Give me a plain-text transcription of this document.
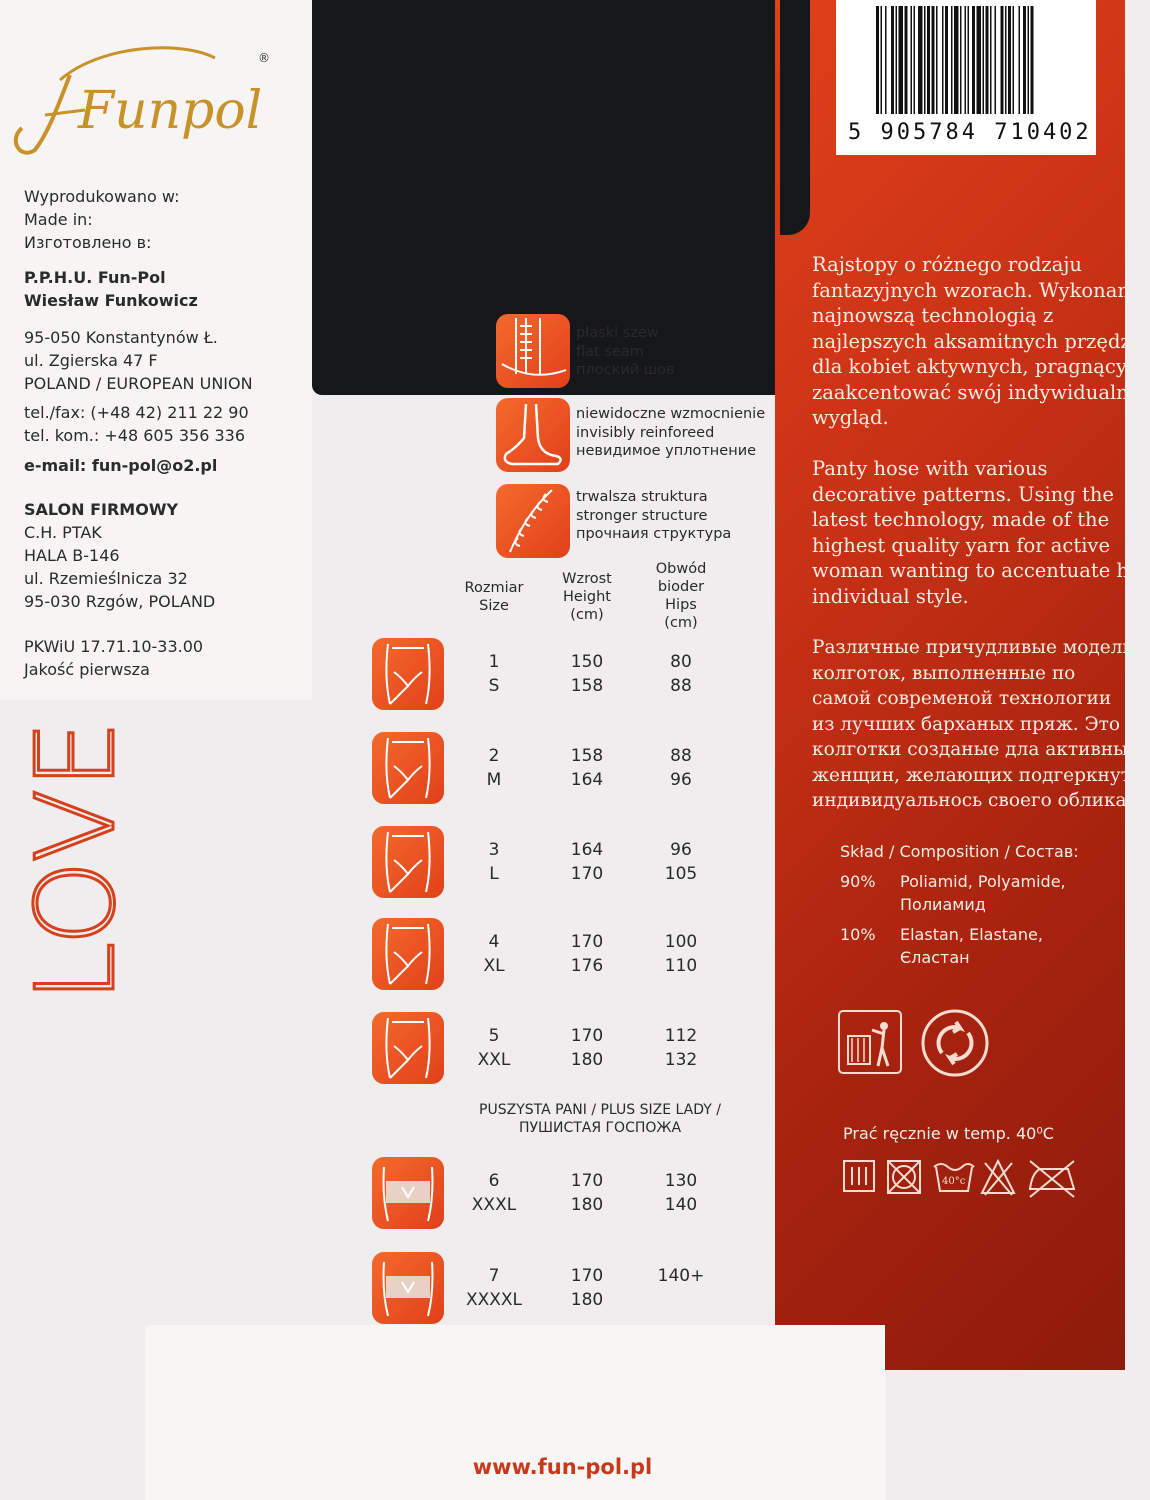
Funpol
®
Wyprodukowano w:
Made in:
Изготовлено в:
P.P.H.U. Fun-Pol
Wiesław Funkowicz
95-050 Konstantynów Ł.
ul. Zgierska 47 F
POLAND / EUROPEAN UNION
tel./fax: (+48 42) 211 22 90
tel. kom.: +48 605 356 336
e-mail: fun-pol@o2.pl
SALON FIRMOWY
C.H. PTAK
HALA B-146
ul. Rzemieślnicza 32
95-030 Rzgów, POLAND
PKWiU 17.71.10-33.00
Jakość pierwsza
LOVE
5 905784 710402
Rajstopy o różnego rodzaju
fantazyjnych wzorach. Wykonane
najnowszą technologią z
najlepszych aksamitnych przędz,
dla kobiet aktywnych, pragnących
zaakcentować swój indywidualny
wygląd.
Panty hose with various
decorative patterns. Using the
latest technology, made of the
highest quality yarn for active
woman wanting to accentuate her
individual style.
Различные причудливые модели
колготок, выполненные по
самой современой технологии
из лучших барханых пряж. Это
колготки созданые дла активных
женщин, желающих подгеркнуть
индивидуальнось своего облика.
Skład / Composition / Состав:
90% Poliamid, Polyamide,
Полиамид
10% Elastan, Elastane,
Єластан
Prać ręcznie w temp. 40⁰C
40°c
płaski szew
flat seam
плоский шов
niewidoczne wzmocnienie
invisibly reinforeed
невидимое уплотнение
trwalsza struktura
stronger structure
прочнаия структура
Rozmiar
Size
Wzrost
Height
(cm)
Obwód
bioder
Hips
(cm)
1
S
150
158
80
88
2
M
158
164
88
96
3
L
164
170
96
105
4
XL
170
176
100
110
5
XXL
170
180
112
132
6
XXXL
170
180
130
140
7
XXXXL
170
180
140+
PUSZYSTA PANI / PLUS SIZE LADY /
ПУШИСТАЯ ГОСПОЖА
www.fun-pol.pl
